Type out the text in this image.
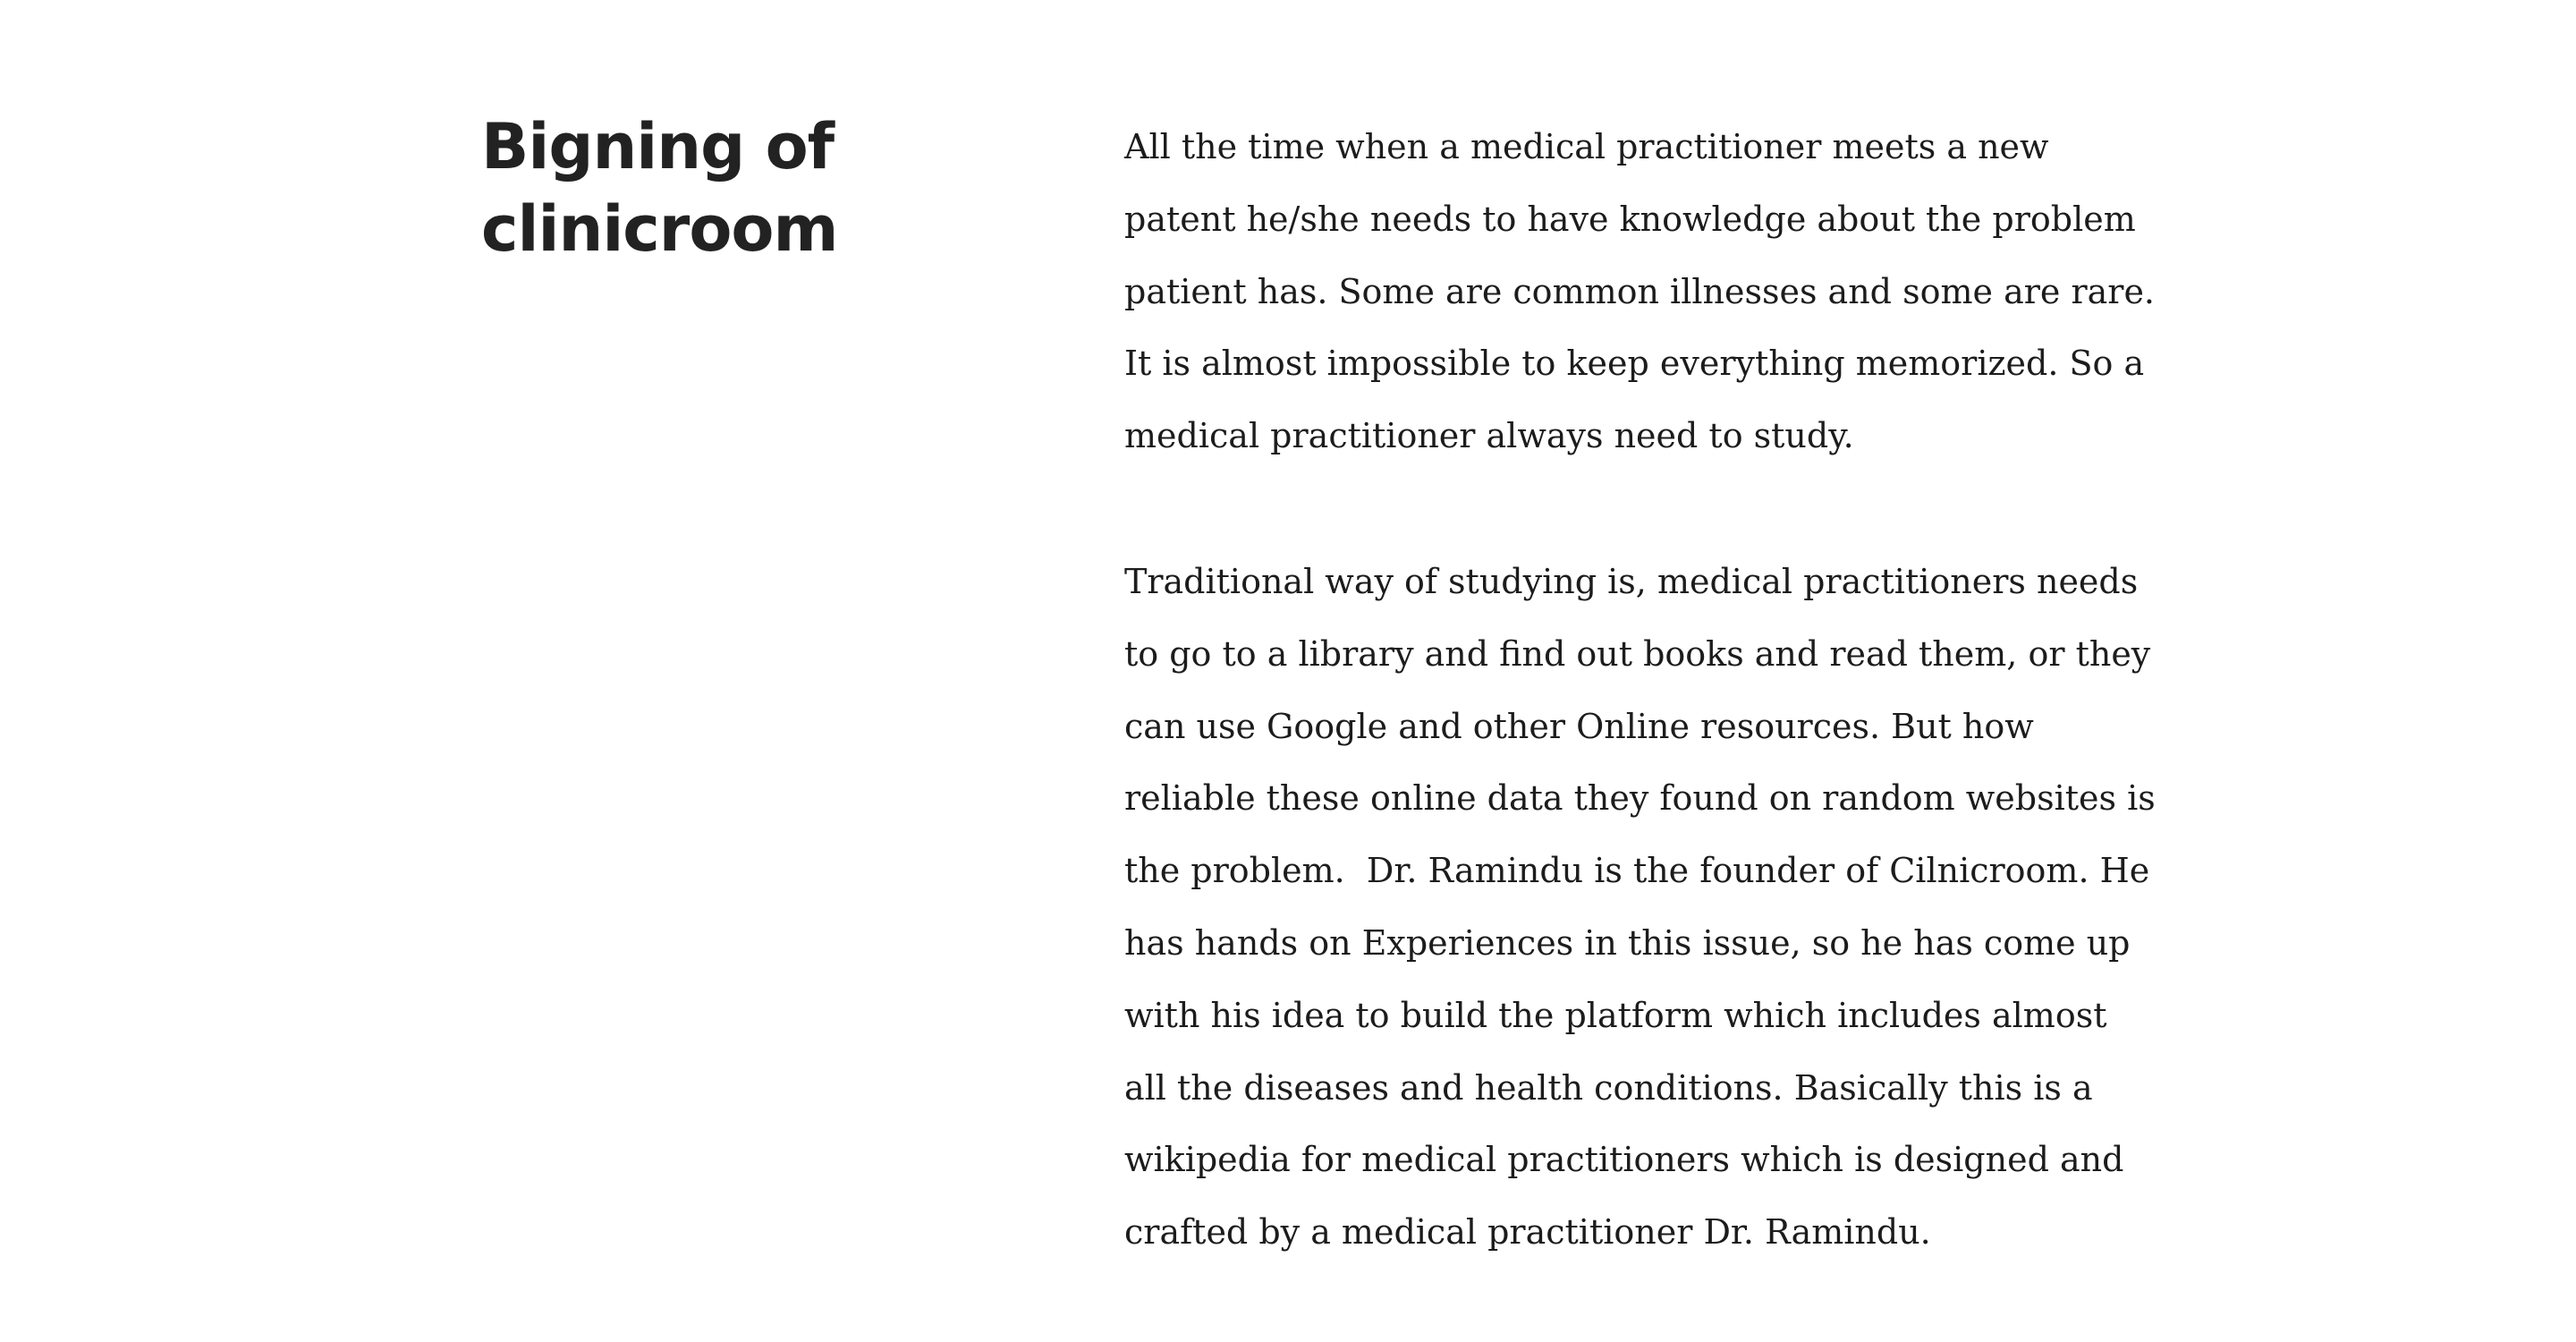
Bigning of
clinicroom

All the time when a medical practitioner meets a new
patent he/she needs to have knowledge about the problem
patient has. Some are common illnesses and some are rare.
It is almost impossible to keep everything memorized. So a
medical practitioner always need to study.

Traditional way of studying is, medical practitioners needs
to go to a library and find out books and read them, or they
can use Google and other Online resources. But how
reliable these online data they found on random websites is
the problem.  Dr. Ramindu is the founder of Cilnicroom. He
has hands on Experiences in this issue, so he has come up
with his idea to build the platform which includes almost
all the diseases and health conditions. Basically this is a
wikipedia for medical practitioners which is designed and
crafted by a medical practitioner Dr. Ramindu.
